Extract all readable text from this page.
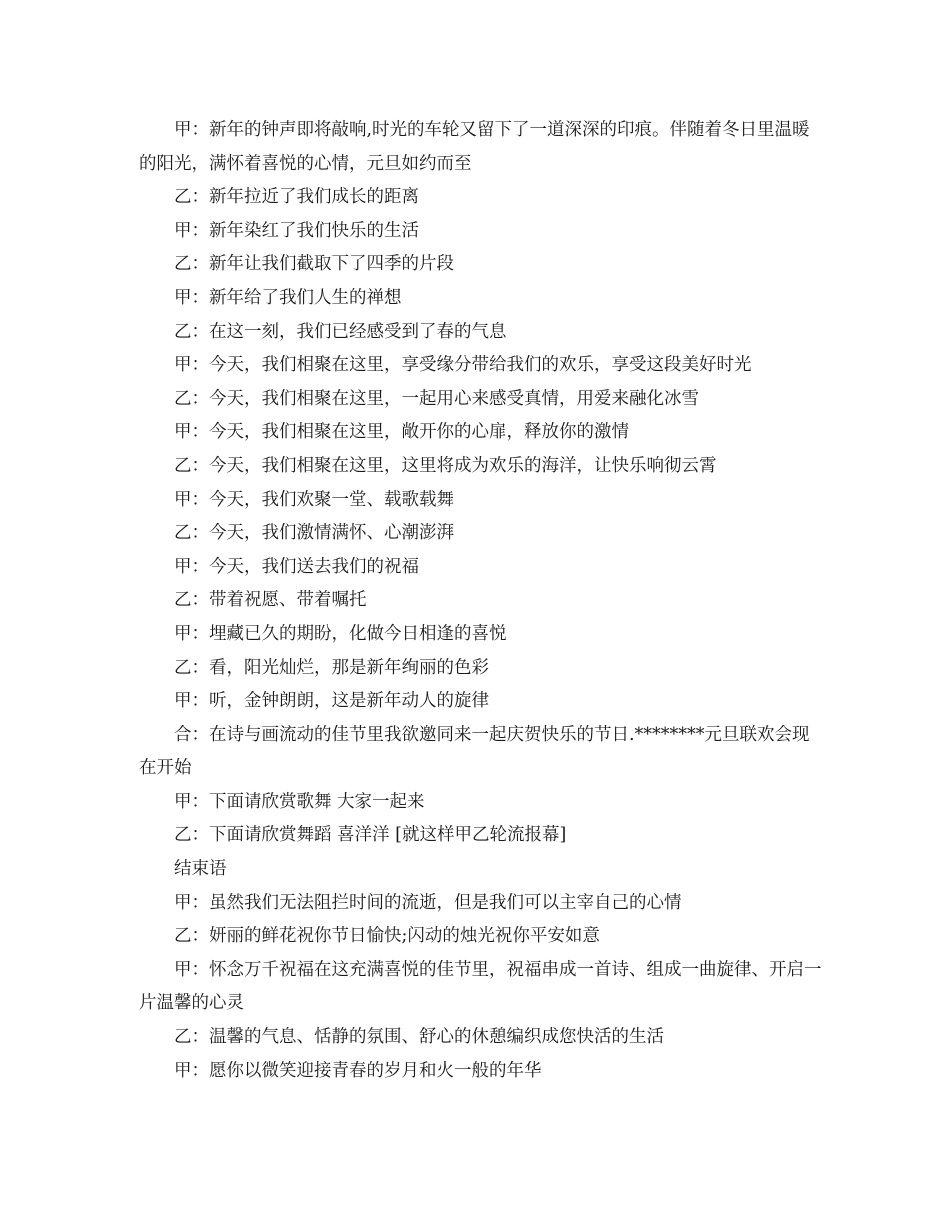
甲：新年的钟声即将敲响,时光的车轮又留下了一道深深的印痕。伴随着冬日里温暖的阳光，满怀着喜悦的心情，元旦如约而至

乙：新年拉近了我们成长的距离

甲：新年染红了我们快乐的生活

乙：新年让我们截取下了四季的片段

甲：新年给了我们人生的禅想

乙：在这一刻，我们已经感受到了春的气息

甲：今天，我们相聚在这里，享受缘分带给我们的欢乐，享受这段美好时光

乙：今天，我们相聚在这里，一起用心来感受真情，用爱来融化冰雪

甲：今天，我们相聚在这里，敞开你的心扉，释放你的激情

乙：今天，我们相聚在这里，这里将成为欢乐的海洋，让快乐响彻云霄

甲：今天，我们欢聚一堂、载歌载舞

乙：今天，我们激情满怀、心潮澎湃

甲：今天，我们送去我们的祝福

乙：带着祝愿、带着嘱托

甲：埋藏已久的期盼，化做今日相逢的喜悦

乙：看，阳光灿烂，那是新年绚丽的色彩

甲：听，金钟朗朗，这是新年动人的旋律

合：在诗与画流动的佳节里我欲邀同来一起庆贺快乐的节日.********元旦联欢会现在开始

甲：下面请欣赏歌舞 大家一起来

乙：下面请欣赏舞蹈 喜洋洋 [就这样甲乙轮流报幕]

结束语

甲：虽然我们无法阻拦时间的流逝，但是我们可以主宰自己的心情

乙：妍丽的鲜花祝你节日愉快;闪动的烛光祝你平安如意

甲：怀念万千祝福在这充满喜悦的佳节里，祝福串成一首诗、组成一曲旋律、开启一片温馨的心灵

乙：温馨的气息、恬静的氛围、舒心的休憩编织成您快活的生活

甲：愿你以微笑迎接青春的岁月和火一般的年华
